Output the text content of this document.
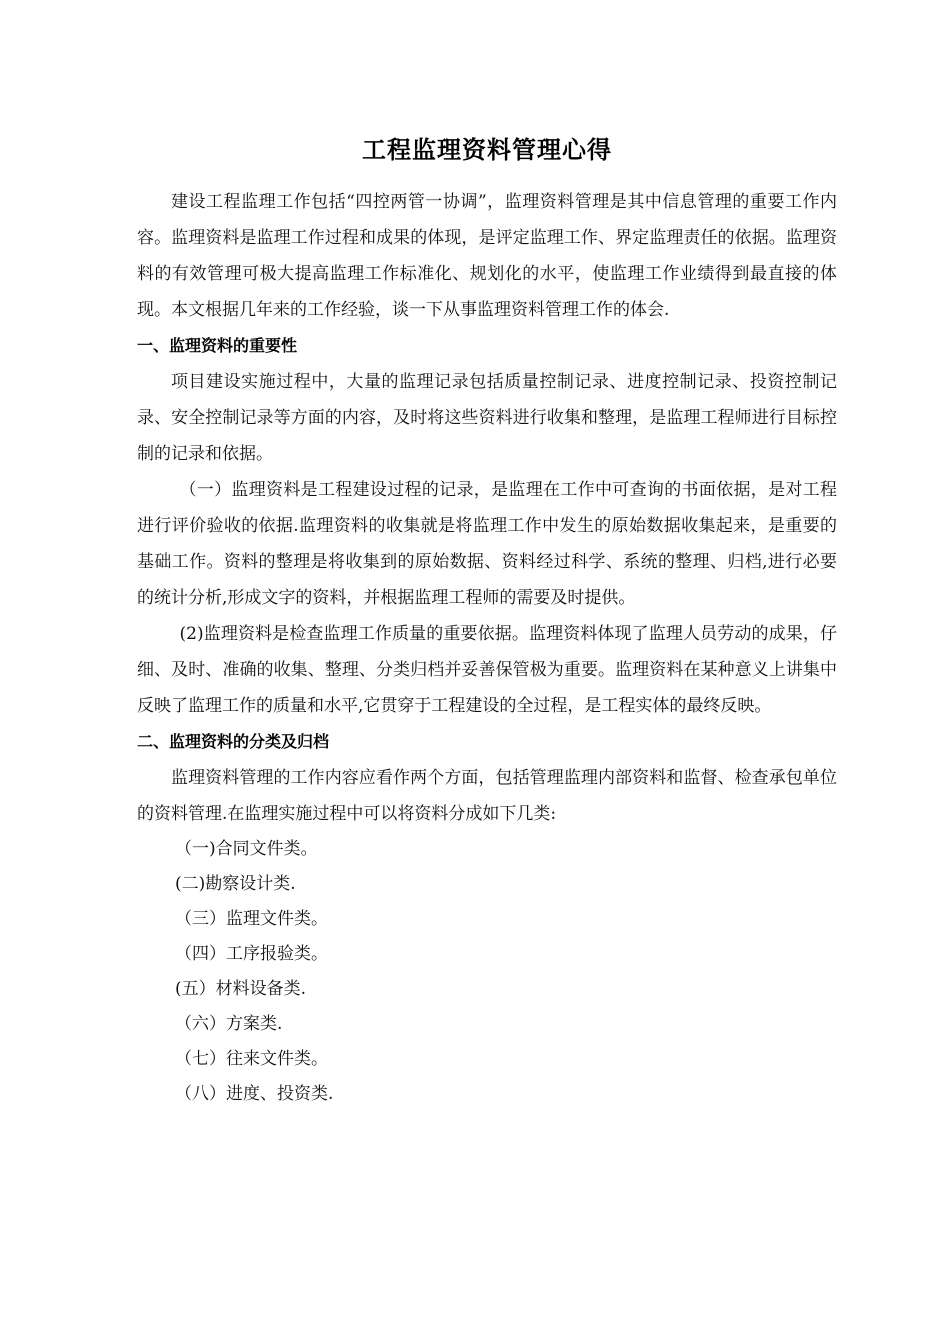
工程监理资料管理心得

建设工程监理工作包括“四控两管一协调”，监理资料管理是其中信息管理的重要工作内容。监理资料是监理工作过程和成果的体现，是评定监理工作、界定监理责任的依据。监理资料的有效管理可极大提高监理工作标准化、规划化的水平，使监理工作业绩得到最直接的体现。本文根据几年来的工作经验，谈一下从事监理资料管理工作的体会.

一、监理资料的重要性

项目建设实施过程中，大量的监理记录包括质量控制记录、进度控制记录、投资控制记录、安全控制记录等方面的内容，及时将这些资料进行收集和整理，是监理工程师进行目标控制的记录和依据。

（一）监理资料是工程建设过程的记录，是监理在工作中可查询的书面依据，是对工程进行评价验收的依据.监理资料的收集就是将监理工作中发生的原始数据收集起来，是重要的基础工作。资料的整理是将收集到的原始数据、资料经过科学、系统的整理、归档,进行必要的统计分析,形成文字的资料，并根据监理工程师的需要及时提供。

(2)监理资料是检查监理工作质量的重要依据。监理资料体现了监理人员劳动的成果，仔细、及时、准确的收集、整理、分类归档并妥善保管极为重要。监理资料在某种意义上讲集中反映了监理工作的质量和水平,它贯穿于工程建设的全过程，是工程实体的最终反映。

二、监理资料的分类及归档

监理资料管理的工作内容应看作两个方面，包括管理监理内部资料和监督、检查承包单位的资料管理.在监理实施过程中可以将资料分成如下几类:

（一)合同文件类。
(二)勘察设计类.
（三）监理文件类。
（四）工序报验类。
(五）材料设备类.
（六）方案类.
（七）往来文件类。
（八）进度、投资类.
